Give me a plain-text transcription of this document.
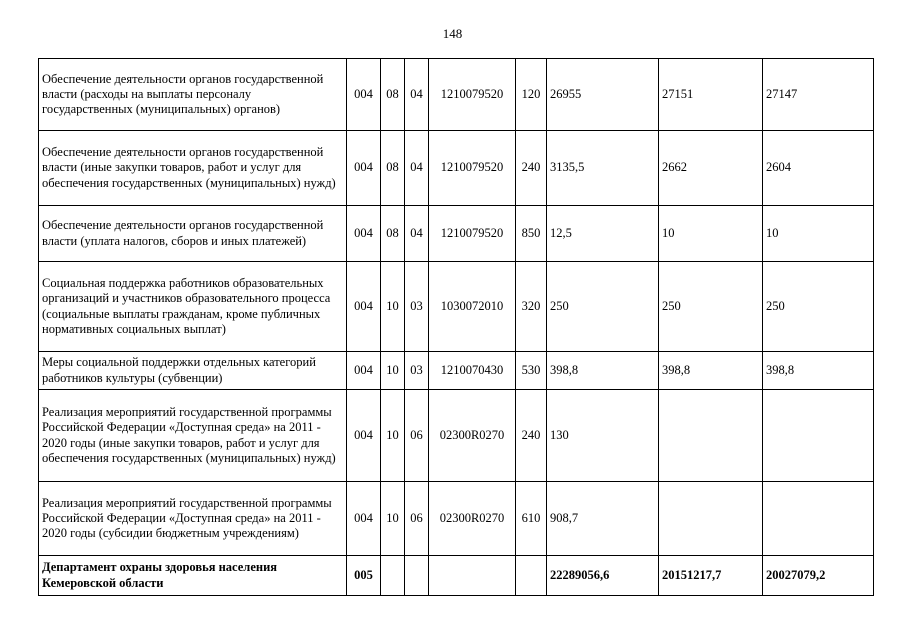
148
Обеспечение деятельности органов государственной власти (расходы на выплаты персоналу государственных (муниципальных) органов)	004	08	04	1210079520	120	26955	27151	27147
Обеспечение деятельности органов государственной власти (иные закупки товаров, работ и услуг для обеспечения государственных (муниципальных) нужд)	004	08	04	1210079520	240	3135,5	2662	2604
Обеспечение деятельности органов государственной власти (уплата налогов, сборов и иных платежей)	004	08	04	1210079520	850	12,5	10	10
Социальная поддержка работников образовательных организаций и участников образовательного процесса (социальные выплаты гражданам, кроме публичных нормативных социальных выплат)	004	10	03	1030072010	320	250	250	250
Меры социальной поддержки отдельных категорий работников культуры (субвенции)	004	10	03	1210070430	530	398,8	398,8	398,8
Реализация мероприятий государственной программы Российской Федерации «Доступная среда» на 2011 - 2020 годы (иные закупки товаров, работ и услуг для обеспечения государственных (муниципальных) нужд)	004	10	06	02300R0270	240	130		
Реализация мероприятий государственной программы Российской Федерации «Доступная среда» на 2011 - 2020 годы (субсидии бюджетным учреждениям)	004	10	06	02300R0270	610	908,7		
Департамент охраны здоровья населения Кемеровской области	005					22289056,6	20151217,7	20027079,2
